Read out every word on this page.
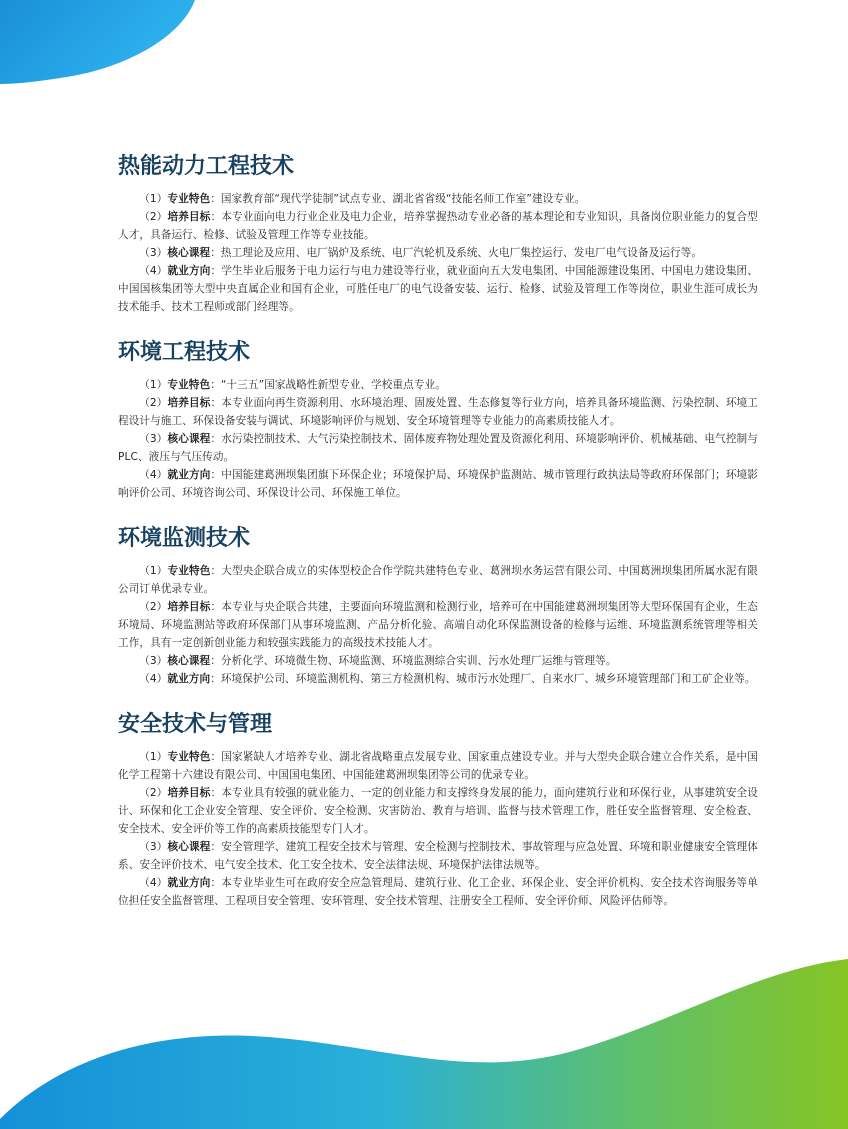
热能动力工程技术

（1）专业特色：国家教育部“现代学徒制”试点专业、湖北省省级“技能名师工作室”建设专业。

（2）培养目标：本专业面向电力行业企业及电力企业，培养掌握热动专业必备的基本理论和专业知识，具备岗位职业能力的复合型人才，具备运行、检修、试验及管理工作等专业技能。

（3）核心课程：热工理论及应用、电厂锅炉及系统、电厂汽轮机及系统、火电厂集控运行、发电厂电气设备及运行等。

（4）就业方向：学生毕业后服务于电力运行与电力建设等行业，就业面向五大发电集团、中国能源建设集团、中国电力建设集团、中国国核集团等大型中央直属企业和国有企业，可胜任电厂的电气设备安装、运行、检修、试验及管理工作等岗位，职业生涯可成长为技术能手、技术工程师或部门经理等。

环境工程技术

（1）专业特色：“十三五”国家战略性新型专业、学校重点专业。

（2）培养目标：本专业面向再生资源利用、水环境治理、固废处置、生态修复等行业方向，培养具备环境监测、污染控制、环境工程设计与施工、环保设备安装与调试、环境影响评价与规划、安全环境管理等专业能力的高素质技能人才。

（3）核心课程：水污染控制技术、大气污染控制技术、固体废弃物处理处置及资源化利用、环境影响评价、机械基础、电气控制与PLC、液压与气压传动。

（4）就业方向：中国能建葛洲坝集团旗下环保企业；环境保护局、环境保护监测站、城市管理行政执法局等政府环保部门；环境影响评价公司、环境咨询公司、环保设计公司、环保施工单位。

环境监测技术

（1）专业特色：大型央企联合成立的实体型校企合作学院共建特色专业、葛洲坝水务运营有限公司、中国葛洲坝集团所属水泥有限公司订单优录专业。

（2）培养目标：本专业与央企联合共建，主要面向环境监测和检测行业，培养可在中国能建葛洲坝集团等大型环保国有企业，生态环境局、环境监测站等政府环保部门从事环境监测、产品分析化验、高端自动化环保监测设备的检修与运维、环境监测系统管理等相关工作，具有一定创新创业能力和较强实践能力的高级技术技能人才。

（3）核心课程：分析化学、环境微生物、环境监测、环境监测综合实训、污水处理厂运维与管理等。

（4）就业方向：环境保护公司、环境监测机构、第三方检测机构、城市污水处理厂、自来水厂、城乡环境管理部门和工矿企业等。

安全技术与管理

（1）专业特色：国家紧缺人才培养专业、湖北省战略重点发展专业、国家重点建设专业。并与大型央企联合建立合作关系，是中国化学工程第十六建设有限公司、中国国电集团、中国能建葛洲坝集团等公司的优录专业。

（2）培养目标：本专业具有较强的就业能力、一定的创业能力和支撑终身发展的能力，面向建筑行业和环保行业，从事建筑安全设计、环保和化工企业安全管理、安全评价、安全检测、灾害防治、教育与培训、监督与技术管理工作，胜任安全监督管理、安全检查、安全技术、安全评价等工作的高素质技能型专门人才。

（3）核心课程：安全管理学、建筑工程安全技术与管理、安全检测与控制技术、事故管理与应急处置、环境和职业健康安全管理体系、安全评价技术、电气安全技术、化工安全技术、安全法律法规、环境保护法律法规等。

（4）就业方向：本专业毕业生可在政府安全应急管理局、建筑行业、化工企业、环保企业、安全评价机构、安全技术咨询服务等单位担任安全监督管理、工程项目安全管理、安环管理、安全技术管理、注册安全工程师、安全评价师、风险评估师等。
